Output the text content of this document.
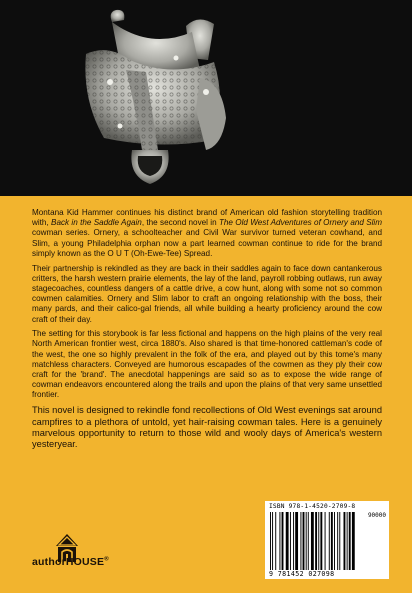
Montana Kid Hammer continues his distinct brand of American old fashion storytelling tradition with, Back in the Saddle Again, the second novel in The Old West Adventures of Ornery and Slim cowman series. Ornery, a schoolteacher and Civil War survivor turned veteran cowhand, and Slim, a young Philadelphia orphan now a part learned cowman continue to ride for the brand simply known as the O U T (Oh-Ewe-Tee) Spread.

Their partnership is rekindled as they are back in their saddles again to face down cantankerous critters, the harsh western prairie elements, the lay of the land, payroll robbing outlaws, run away stagecoaches, countless dangers of a cattle drive, a cow hunt, along with some not so common cowmen calamities. Ornery and Slim labor to craft an ongoing relationship with the boss, their many pards, and their calico-gal friends, all while building a hearty proficiency around the cow craft of their day.

The setting for this storybook is far less fictional and happens on the high plains of the very real North American frontier west, circa 1880's. Also shared is that time-honored cattleman's code of the west, the one so highly prevalent in the folk of the era, and played out by this tome's many matchless characters. Conveyed are humorous escapades of the cowmen as they ply their cow craft for the 'brand'. The anecdotal happenings are said so as to expose the wide range of cowman endeavors encountered along the trails and upon the plains of that very same unsettled frontier.

This novel is designed to rekindle fond recollections of Old West evenings sat around campfires to a plethora of untold, yet hair-raising cowman tales. Here is a genuinely marvelous opportunity to return to those wild and wooly days of America's western yesteryear.

authorHOUSE®
ISBN 978-1-4520-2709-8
90000
9 781452 027098
